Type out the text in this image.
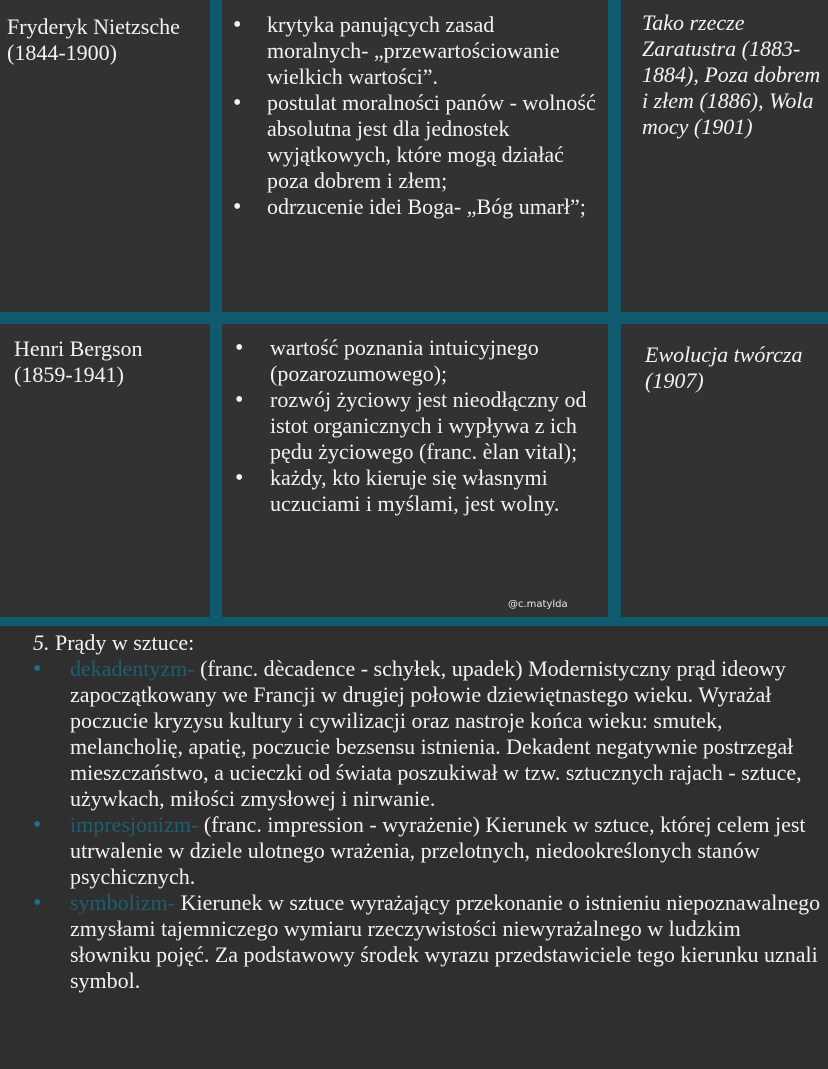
Fryderyk Nietzsche
(1844-1900)
• krytyka panujących zasad moralnych- „przewartościowanie wielkich wartości”.
• postulat moralności panów - wolność absolutna jest dla jednostek wyjątkowych, które mogą działać poza dobrem i złem;
• odrzucenie idei Boga- „Bóg umarł”;
Tako rzecze Zaratustra (1883-1884), Poza dobrem i złem (1886), Wola mocy (1901)
Henri Bergson
(1859-1941)
• wartość poznania intuicyjnego (pozarozumowego);
• rozwój życiowy jest nieodłączny od istot organicznych i wypływa z ich pędu życiowego (franc. èlan vital);
• każdy, kto kieruje się własnymi uczuciami i myślami, jest wolny.
Ewolucja twórcza (1907)
@c.matylda
5. Prądy w sztuce:
• dekadentyzm- (franc. dècadence - schyłek, upadek) Modernistyczny prąd ideowy zapoczątkowany we Francji w drugiej połowie dziewiętnastego wieku. Wyrażał poczucie kryzysu kultury i cywilizacji oraz nastroje końca wieku: smutek, melancholię, apatię, poczucie bezsensu istnienia. Dekadent negatywnie postrzegał mieszczaństwo, a ucieczki od świata poszukiwał w tzw. sztucznych rajach - sztuce, używkach, miłości zmysłowej i nirwanie.
• impresjonizm- (franc. impression - wyrażenie) Kierunek w sztuce, której celem jest utrwalenie w dziele ulotnego wrażenia, przelotnych, niedookreślonych stanów psychicznych.
• symbolizm- Kierunek w sztuce wyrażający przekonanie o istnieniu niepoznawalnego zmysłami tajemniczego wymiaru rzeczywistości niewyrażalnego w ludzkim słowniku pojęć. Za podstawowy środek wyrazu przedstawiciele tego kierunku uznali symbol.
